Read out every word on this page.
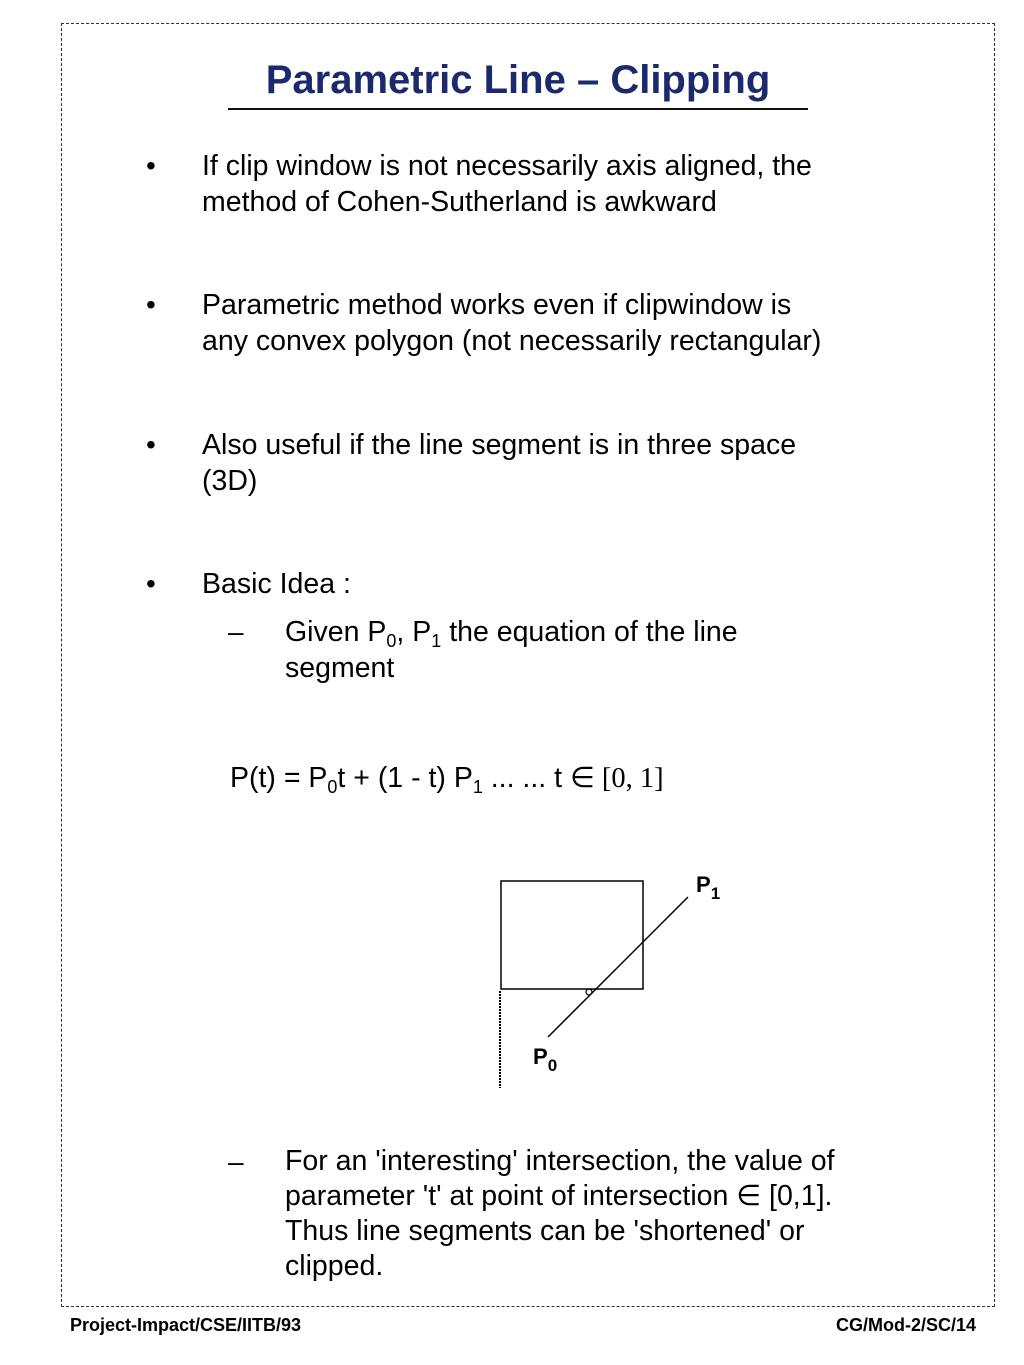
Parametric Line – Clipping
• If clip window is not necessarily axis aligned, the
method of Cohen-Sutherland is awkward
• Parametric method works even if clipwindow is
any convex polygon (not necessarily rectangular)
• Also useful if the line segment is in three space
(3D)
• Basic Idea :
– Given $P_0$, $P_1$ the equation of the line
segment
$P(t) = P_0t + (1 - t)$ $P_1$ ... ... t ∈ [0, 1]
$P_1$
$P_0$
– For an 'interesting' intersection, the value of
parameter 't' at point of intersection ∈ [0,1].
Thus line segments can be 'shortened' or
clipped.
Project-Impact/CSE/IITB/93	CG/Mod-2/SC/14
